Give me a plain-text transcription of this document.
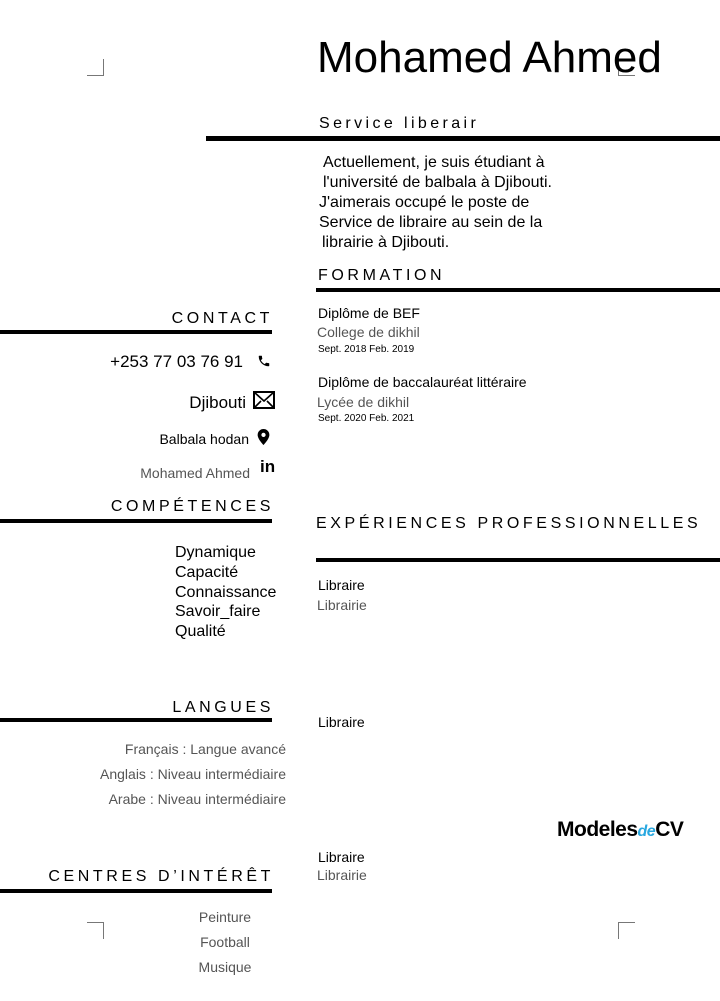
Mohamed Ahmed
Service liberair
Actuellement, je suis étudiant à
l'université de balbala à Djibouti.
J'aimerais occupé le poste de
Service de libraire au sein de la
librairie à Djibouti.
FORMATION
Diplôme de BEF
College de dikhil
Sept. 2018 Feb. 2019
Diplôme de baccalauréat littéraire
Lycée de dikhil
Sept. 2020 Feb. 2021
CONTACT
+253 77 03 76 91
Djibouti
Balbala hodan
Mohamed Ahmed in
COMPÉTENCES
Dynamique
Capacité
Connaissance
Savoir_faire
Qualité
LANGUES
Français : Langue avancé
Anglais : Niveau intermédiaire
Arabe : Niveau intermédiaire
CENTRES D’INTÉRÊT
Peinture
Football
Musique
EXPÉRIENCES PROFESSIONNELLES
Libraire
Librairie
Libraire
Libraire
Librairie
ModelesdeCV
